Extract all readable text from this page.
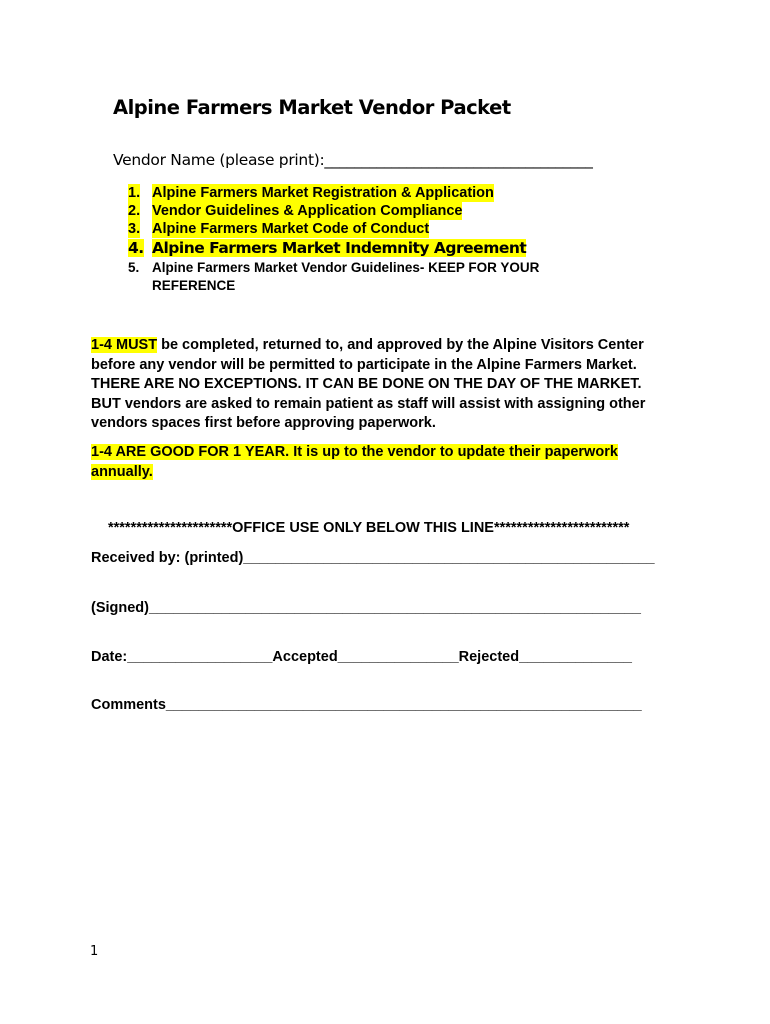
Alpine Farmers Market Vendor Packet
Vendor Name (please print):____________________________________
1. Alpine Farmers Market Registration & Application
2. Vendor Guidelines & Application Compliance
3. Alpine Farmers Market Code of Conduct
4. Alpine Farmers Market Indemnity Agreement
5. Alpine Farmers Market Vendor Guidelines- KEEP FOR YOUR
REFERENCE
1-4 MUST be completed, returned to, and approved by the Alpine Visitors Center
before any vendor will be permitted to participate in the Alpine Farmers Market.
THERE ARE NO EXCEPTIONS. IT CAN BE DONE ON THE DAY OF THE MARKET.
BUT vendors are asked to remain patient as staff will assist with assigning other
vendors spaces first before approving paperwork.
1-4 ARE GOOD FOR 1 YEAR. It is up to the vendor to update their paperwork
annually.
**********************OFFICE USE ONLY BELOW THIS LINE************************
Received by: (printed)___________________________________________________
(Signed)_____________________________________________________________
Date:__________________Accepted_______________Rejected______________
Comments___________________________________________________________
1
